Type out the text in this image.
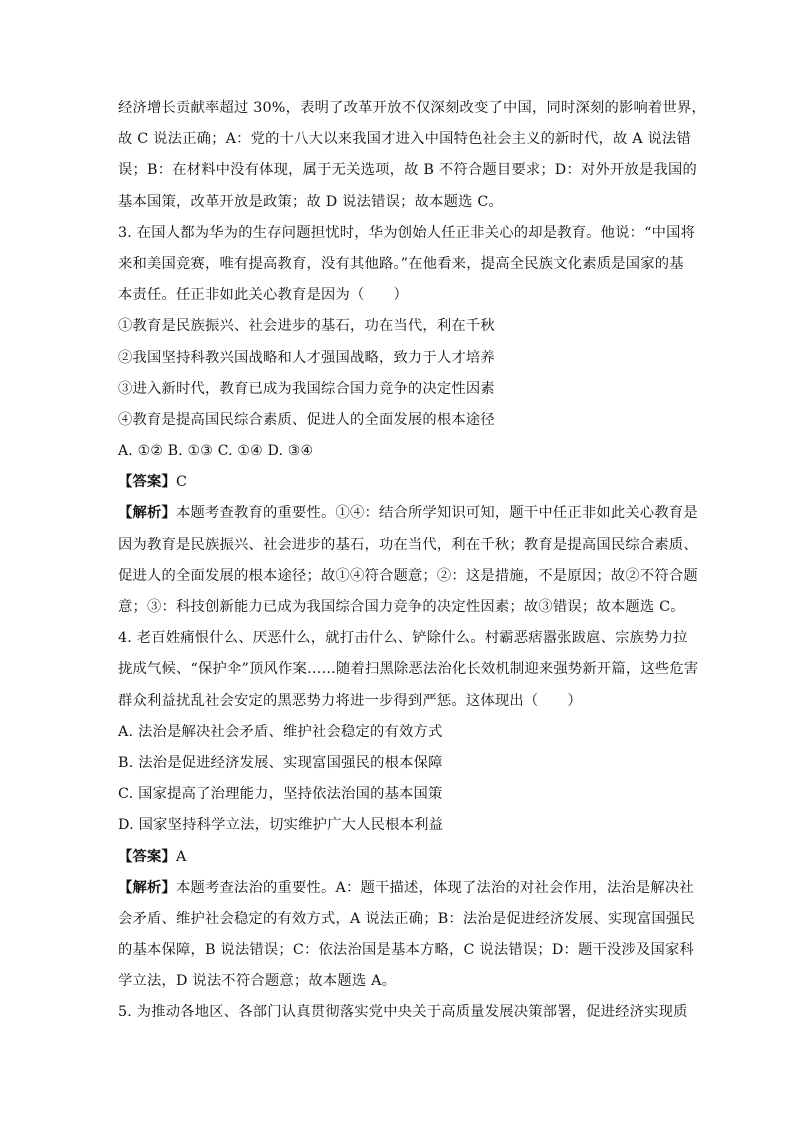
经济增长贡献率超过 30%，表明了改革开放不仅深刻改变了中国，同时深刻的影响着世界，
故 C 说法正确；A：党的十八大以来我国才进入中国特色社会主义的新时代，故 A 说法错
误；B：在材料中没有体现，属于无关选项，故 B 不符合题目要求；D：对外开放是我国的
基本国策，改革开放是政策；故 D 说法错误；故本题选 C。
3. 在国人都为华为的生存问题担忧时，华为创始人任正非关心的却是教育。他说：“中国将
来和美国竞赛，唯有提高教育，没有其他路。”在他看来，提高全民族文化素质是国家的基
本责任。任正非如此关心教育是因为（　　）
①教育是民族振兴、社会进步的基石，功在当代，利在千秋
②我国坚持科教兴国战略和人才强国战略，致力于人才培养
③进入新时代，教育已成为我国综合国力竞争的决定性因素
④教育是提高国民综合素质、促进人的全面发展的根本途径
A. ①② B. ①③ C. ①④ D. ③④
【答案】C
【解析】本题考查教育的重要性。①④：结合所学知识可知，题干中任正非如此关心教育是
因为教育是民族振兴、社会进步的基石，功在当代，利在千秋；教育是提高国民综合素质、
促进人的全面发展的根本途径；故①④符合题意；②：这是措施，不是原因；故②不符合题
意；③：科技创新能力已成为我国综合国力竞争的决定性因素；故③错误；故本题选 C。
4. 老百姓痛恨什么、厌恶什么，就打击什么、铲除什么。村霸恶痞嚣张跋扈、宗族势力拉
拢成气候、“保护伞”顶风作案……随着扫黑除恶法治化长效机制迎来强势新开篇，这些危害
群众利益扰乱社会安定的黑恶势力将进一步得到严惩。这体现出（　　）
A. 法治是解决社会矛盾、维护社会稳定的有效方式
B. 法治是促进经济发展、实现富国强民的根本保障
C. 国家提高了治理能力，坚持依法治国的基本国策
D. 国家坚持科学立法，切实维护广大人民根本利益
【答案】A
【解析】本题考查法治的重要性。A：题干描述，体现了法治的对社会作用，法治是解决社
会矛盾、维护社会稳定的有效方式，A 说法正确；B：法治是促进经济发展、实现富国强民
的基本保障，B 说法错误；C：依法治国是基本方略，C 说法错误；D：题干没涉及国家科
学立法，D 说法不符合题意；故本题选 A。
5. 为推动各地区、各部门认真贯彻落实党中央关于高质量发展决策部署，促进经济实现质
